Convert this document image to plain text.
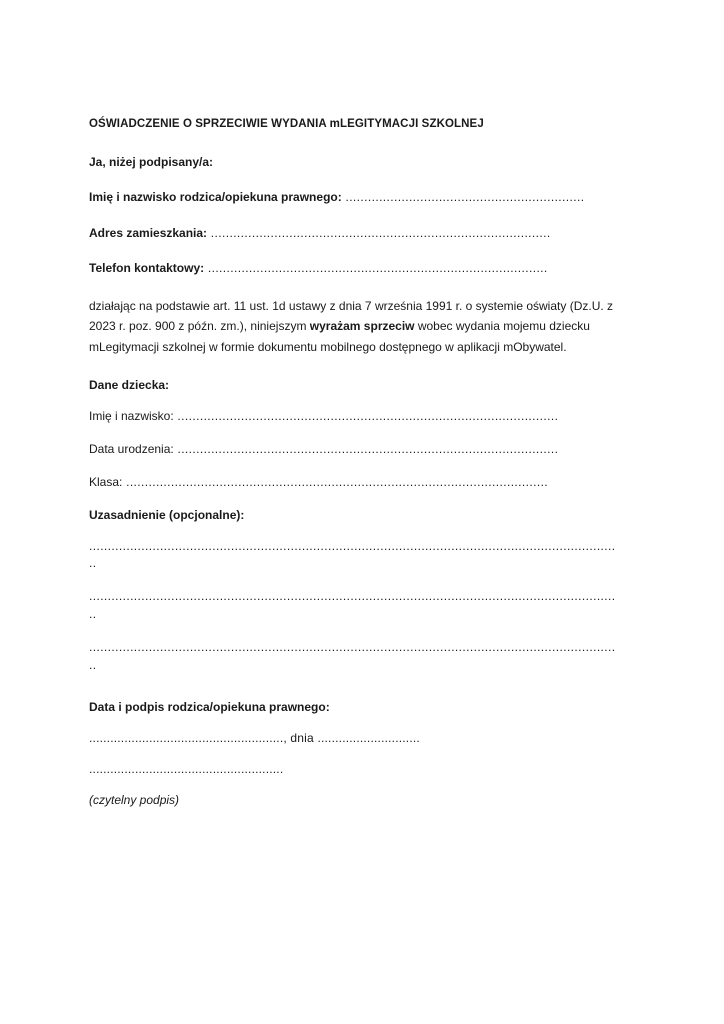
OŚWIADCZENIE O SPRZECIWIE WYDANIA mLEGITYMACJI SZKOLNEJ

Ja, niżej podpisany/a:

Imię i nazwisko rodzica/opiekuna prawnego: ................................................................

Adres zamieszkania: ...........................................................................................

Telefon kontaktowy: ...........................................................................................

działając na podstawie art. 11 ust. 1d ustawy z dnia 7 września 1991 r. o systemie oświaty (Dz.U. z 2023 r. poz. 900 z późn. zm.), niniejszym wyrażam sprzeciw wobec wydania mojemu dziecku mLegitymacji szkolnej w formie dokumentu mobilnego dostępnego w aplikacji mObywatel.

Dane dziecka:

Imię i nazwisko: ......................................................................................................

Data urodzenia: ......................................................................................................

Klasa: .................................................................................................................

Uzasadnienie (opcjonalne):

...............................................................................................................................................

...............................................................................................................................................

...............................................................................................................................................

Data i podpis rodzica/opiekuna prawnego:

......................................................., dnia .............................

.......................................................

(czytelny podpis)
